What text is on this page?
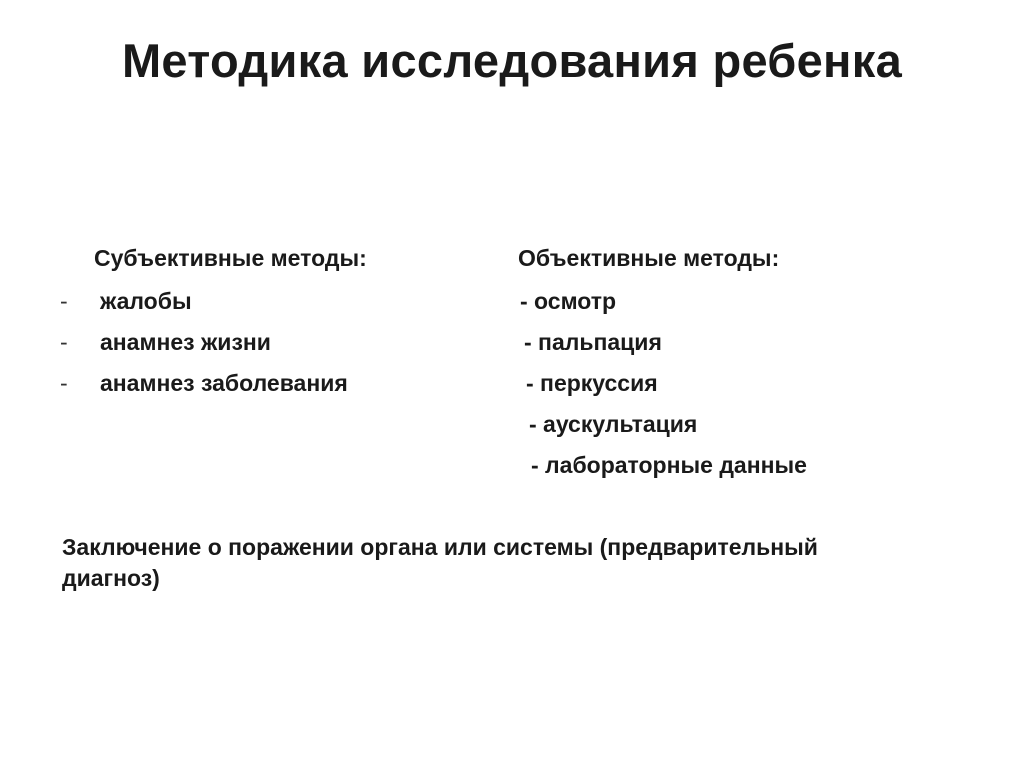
Методика исследования ребенка
Субъективные методы:
- жалобы
- анамнез жизни
- анамнез заболевания
Объективные методы:
- осмотр
- пальпация
- перкуссия
- аускультация
- лабораторные данные
Заключение о поражении органа или системы (предварительный диагноз)
